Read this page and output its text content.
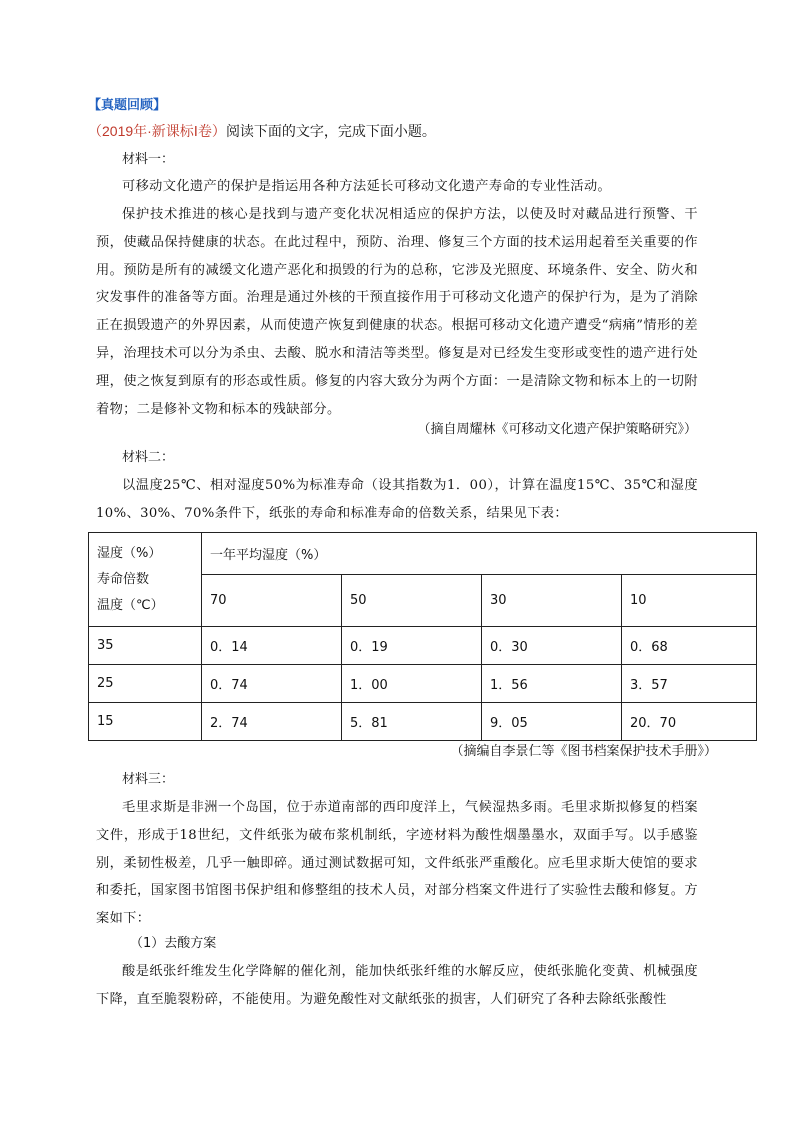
【真题回顾】
（2019年·新课标Ⅰ卷）阅读下面的文字，完成下面小题。
材料一：
可移动文化遗产的保护是指运用各种方法延长可移动文化遗产寿命的专业性活动。
保护技术推进的核心是找到与遗产变化状况相适应的保护方法，以使及时对藏品进行预警、干预，使藏品保持健康的状态。在此过程中，预防、治理、修复三个方面的技术运用起着至关重要的作用。预防是所有的减缓文化遗产恶化和损毁的行为的总称，它涉及光照度、环境条件、安全、防火和灾发事件的准备等方面。治理是通过外核的干预直接作用于可移动文化遗产的保护行为，是为了消除正在损毁遗产的外界因素，从而使遗产恢复到健康的状态。根据可移动文化遗产遭受“病痛”情形的差异，治理技术可以分为杀虫、去酸、脱水和清洁等类型。修复是对已经发生变形或变性的遗产进行处理，使之恢复到原有的形态或性质。修复的内容大致分为两个方面：一是清除文物和标本上的一切附着物；二是修补文物和标本的残缺部分。
（摘自周耀林《可移动文化遗产保护策略研究》）
材料二：
以温度25℃、相对湿度50%为标准寿命（设其指数为1．00），计算在温度15℃、35℃和湿度10%、30%、70%条件下，纸张的寿命和标准寿命的倍数关系，结果见下表：
湿度（%）
寿命倍数
温度（℃）	一年平均湿度（%）			
	70	50	30	10
35	0．14	0．19	0．30	0．68
25	0．74	1．00	1．56	3．57
15	2．74	5．81	9．05	20．70
（摘编自李景仁等《图书档案保护技术手册》）
材料三：
毛里求斯是非洲一个岛国，位于赤道南部的西印度洋上，气候湿热多雨。毛里求斯拟修复的档案文件，形成于18世纪，文件纸张为破布浆机制纸，字迹材料为酸性烟墨墨水，双面手写。以手感鉴别，柔韧性极差，几乎一触即碎。通过测试数据可知，文件纸张严重酸化。应毛里求斯大使馆的要求和委托，国家图书馆图书保护组和修整组的技术人员，对部分档案文件进行了实验性去酸和修复。方案如下：
（1）去酸方案
酸是纸张纤维发生化学降解的催化剂，能加快纸张纤维的水解反应，使纸张脆化变黄、机械强度下降，直至脆裂粉碎，不能使用。为避免酸性对文献纸张的损害，人们研究了各种去除纸张酸性
